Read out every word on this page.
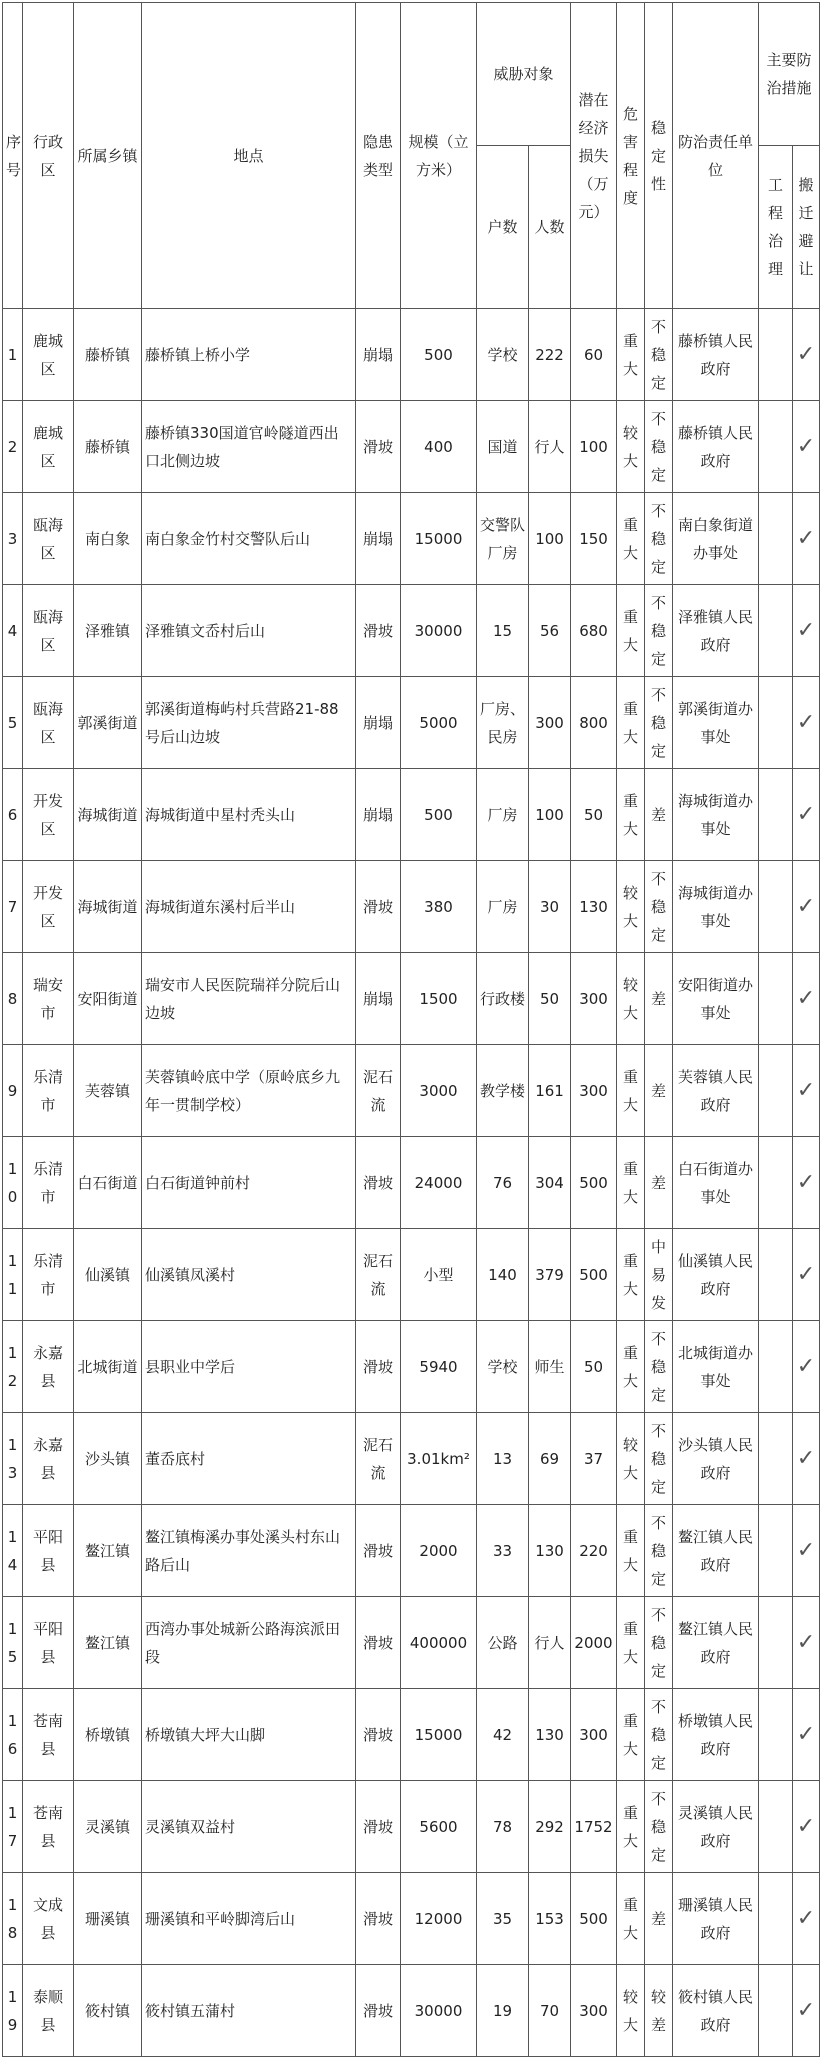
序号	行政区	所属乡镇	地点	隐患类型	规模（立方米）	威胁对象		潜在经济损失（万元）	危害程度	稳定性	防治责任单位	主要防治措施	
						户数	人数					工程治理	搬迁避让
1	鹿城区	藤桥镇	藤桥镇上桥小学	崩塌	500	学校	222	60	重大	不稳定	藤桥镇人民政府		✓
2	鹿城区	藤桥镇	藤桥镇330国道官岭隧道西出口北侧边坡	滑坡	400	国道	行人	100	较大	不稳定	藤桥镇人民政府		✓
3	瓯海区	南白象	南白象金竹村交警队后山	崩塌	15000	交警队厂房	100	150	重大	不稳定	南白象街道办事处		✓
4	瓯海区	泽雅镇	泽雅镇文岙村后山	滑坡	30000	15	56	680	重大	不稳定	泽雅镇人民政府		✓
5	瓯海区	郭溪街道	郭溪街道梅屿村兵营路21-88号后山边坡	崩塌	5000	厂房、民房	300	800	重大	不稳定	郭溪街道办事处		✓
6	开发区	海城街道	海城街道中星村秃头山	崩塌	500	厂房	100	50	重大	差	海城街道办事处		✓
7	开发区	海城街道	海城街道东溪村后半山	滑坡	380	厂房	30	130	较大	不稳定	海城街道办事处		✓
8	瑞安市	安阳街道	瑞安市人民医院瑞祥分院后山边坡	崩塌	1500	行政楼	50	300	较大	差	安阳街道办事处		✓
9	乐清市	芙蓉镇	芙蓉镇岭底中学（原岭底乡九年一贯制学校）	泥石流	3000	教学楼	161	300	重大	差	芙蓉镇人民政府		✓
10	乐清市	白石街道	白石街道钟前村	滑坡	24000	76	304	500	重大	差	白石街道办事处		✓
11	乐清市	仙溪镇	仙溪镇凤溪村	泥石流	小型	140	379	500	重大	中易发	仙溪镇人民政府		✓
12	永嘉县	北城街道	县职业中学后	滑坡	5940	学校	师生	50	重大	不稳定	北城街道办事处		✓
13	永嘉县	沙头镇	董岙底村	泥石流	3.01km²	13	69	37	较大	不稳定	沙头镇人民政府		✓
14	平阳县	鳌江镇	鳌江镇梅溪办事处溪头村东山路后山	滑坡	2000	33	130	220	重大	不稳定	鳌江镇人民政府		✓
15	平阳县	鳌江镇	西湾办事处城新公路海滨派田段	滑坡	400000	公路	行人	2000	重大	不稳定	鳌江镇人民政府		✓
16	苍南县	桥墩镇	桥墩镇大坪大山脚	滑坡	15000	42	130	300	重大	不稳定	桥墩镇人民政府		✓
17	苍南县	灵溪镇	灵溪镇双益村	滑坡	5600	78	292	1752	重大	不稳定	灵溪镇人民政府		✓
18	文成县	珊溪镇	珊溪镇和平岭脚湾后山	滑坡	12000	35	153	500	重大	差	珊溪镇人民政府		✓
19	泰顺县	筱村镇	筱村镇五蒲村	滑坡	30000	19	70	300	较大	较差	筱村镇人民政府		✓
